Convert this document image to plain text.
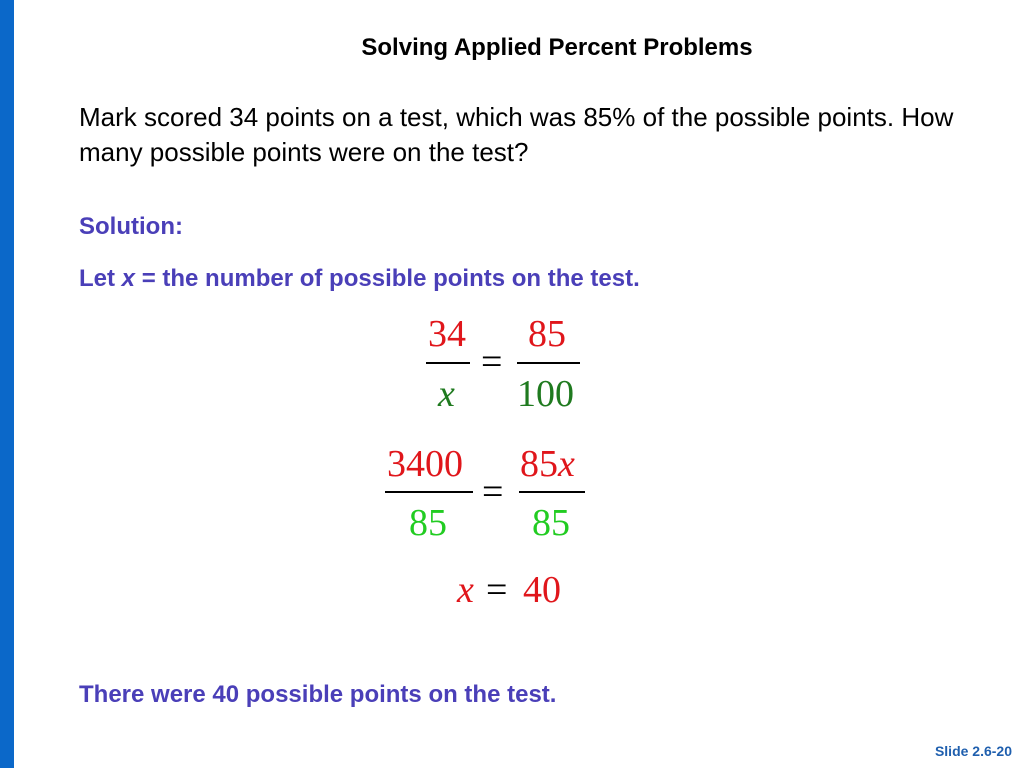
Solving Applied Percent Problems
Mark scored 34 points on a test, which was 85% of the possible points. How many possible points were on the test?
Solution:
Let x = the number of possible points on the test.
34
x
=
85
100
3400
85
=
85x
85
x = 40
There were 40 possible points on the test.
Slide 2.6-20
